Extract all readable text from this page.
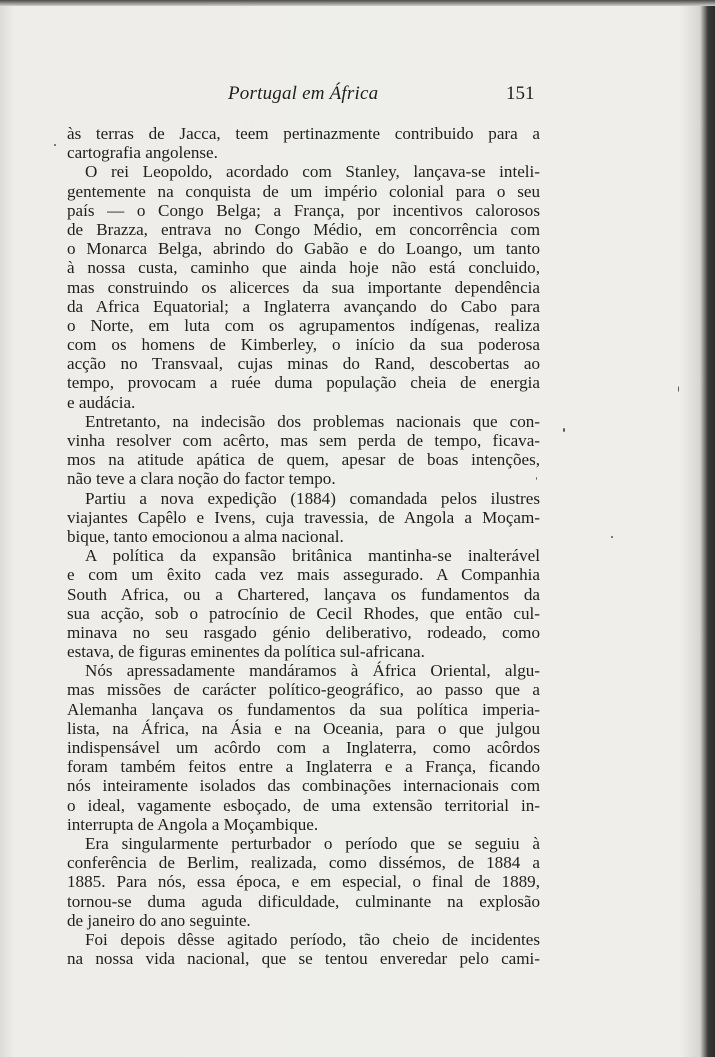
Portugal em África	151
às terras de Jacca, teem pertinazmente contribuido para a
cartografia angolense.
O rei Leopoldo, acordado com Stanley, lançava-se inteli-
gentemente na conquista de um império colonial para o seu
país — o Congo Belga; a França, por incentivos calorosos
de Brazza, entrava no Congo Médio, em concorrência com
o Monarca Belga, abrindo do Gabão e do Loango, um tanto
à nossa custa, caminho que ainda hoje não está concluido,
mas construindo os alicerces da sua importante dependência
da Africa Equatorial; a Inglaterra avançando do Cabo para
o Norte, em luta com os agrupamentos indígenas, realiza
com os homens de Kimberley, o início da sua poderosa
acção no Transvaal, cujas minas do Rand, descobertas ao
tempo, provocam a ruée duma população cheia de energia
e audácia.
Entretanto, na indecisão dos problemas nacionais que con-
vinha resolver com acêrto, mas sem perda de tempo, ficava-
mos na atitude apática de quem, apesar de boas intenções,
não teve a clara noção do factor tempo.
Partiu a nova expedição (1884) comandada pelos ilustres
viajantes Capêlo e Ivens, cuja travessia, de Angola a Moçam-
bique, tanto emocionou a alma nacional.
A política da expansão britânica mantinha-se inalterável
e com um êxito cada vez mais assegurado. A Companhia
South Africa, ou a Chartered, lançava os fundamentos da
sua acção, sob o patrocínio de Cecil Rhodes, que então cul-
minava no seu rasgado génio deliberativo, rodeado, como
estava, de figuras eminentes da política sul-africana.
Nós apressadamente mandáramos à África Oriental, algu-
mas missões de carácter político-geográfico, ao passo que a
Alemanha lançava os fundamentos da sua política imperia-
lista, na África, na Ásia e na Oceania, para o que julgou
indispensável um acôrdo com a Inglaterra, como acôrdos
foram também feitos entre a Inglaterra e a França, ficando
nós inteiramente isolados das combinações internacionais com
o ideal, vagamente esboçado, de uma extensão territorial in-
interrupta de Angola a Moçambique.
Era singularmente perturbador o período que se seguiu à
conferência de Berlim, realizada, como dissémos, de 1884 a
1885. Para nós, essa época, e em especial, o final de 1889,
tornou-se duma aguda dificuldade, culminante na explosão
de janeiro do ano seguinte.
Foi depois dêsse agitado período, tão cheio de incidentes
na nossa vida nacional, que se tentou enveredar pelo cami-
